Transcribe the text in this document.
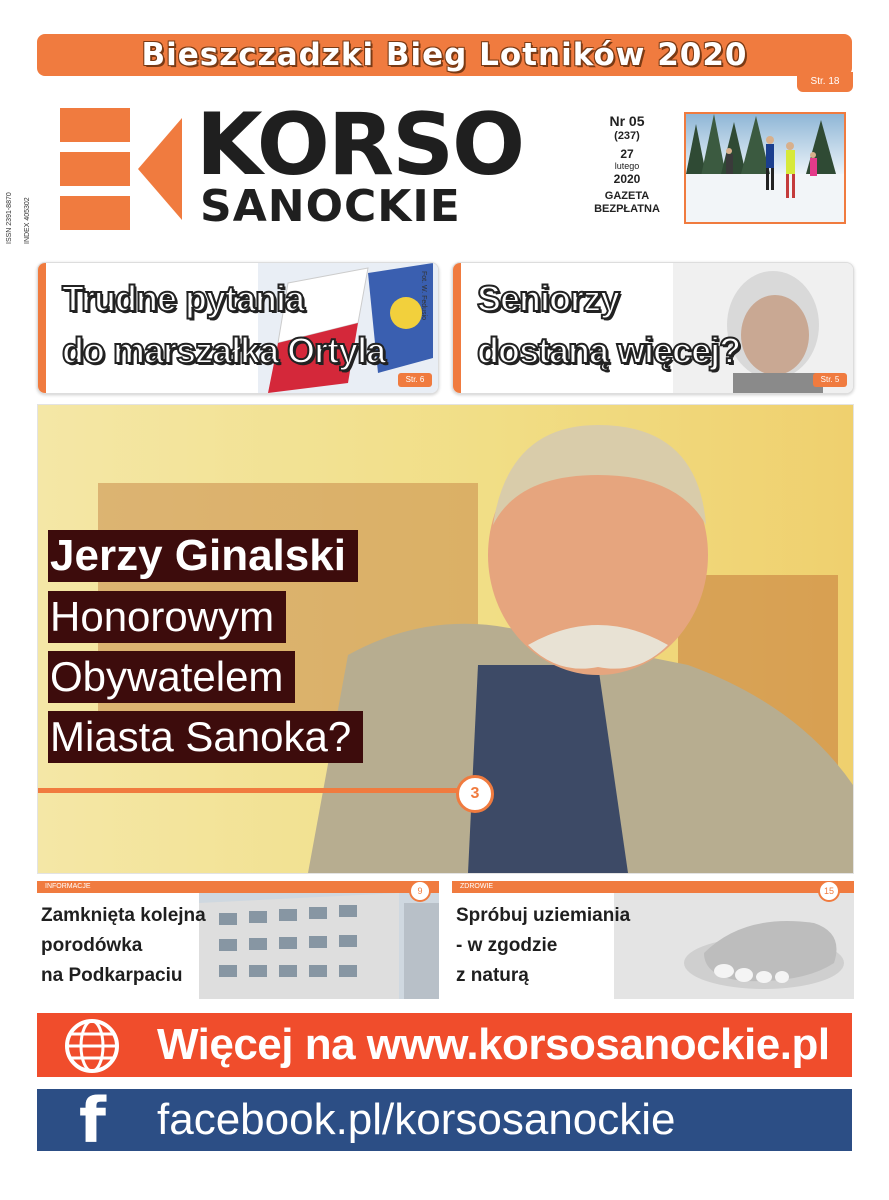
Bieszczadzki Bieg Lotników 2020
Str. 18
ISSN 2391-8870 INDEX 405302
KORSO
SANOCKIE
Nr 05
(237)
27
lutego
2020
GAZETA
BEZPŁATNA
Fot. W. Fedusio
Trudne pytania
do marszałka Ortyla
Str. 6
Seniorzy
dostaną więcej?
Str. 5
Jerzy Ginalski
Honorowym
Obywatelem
Miasta Sanoka?
3
INFORMACJE	9
Zamknięta kolejna
porodówka
na Podkarpaciu
ZDROWIE	15
Spróbuj uziemiania
- w zgodzie
z naturą
Więcej na www.korsosanockie.pl
f facebook.pl/korsosanockie
